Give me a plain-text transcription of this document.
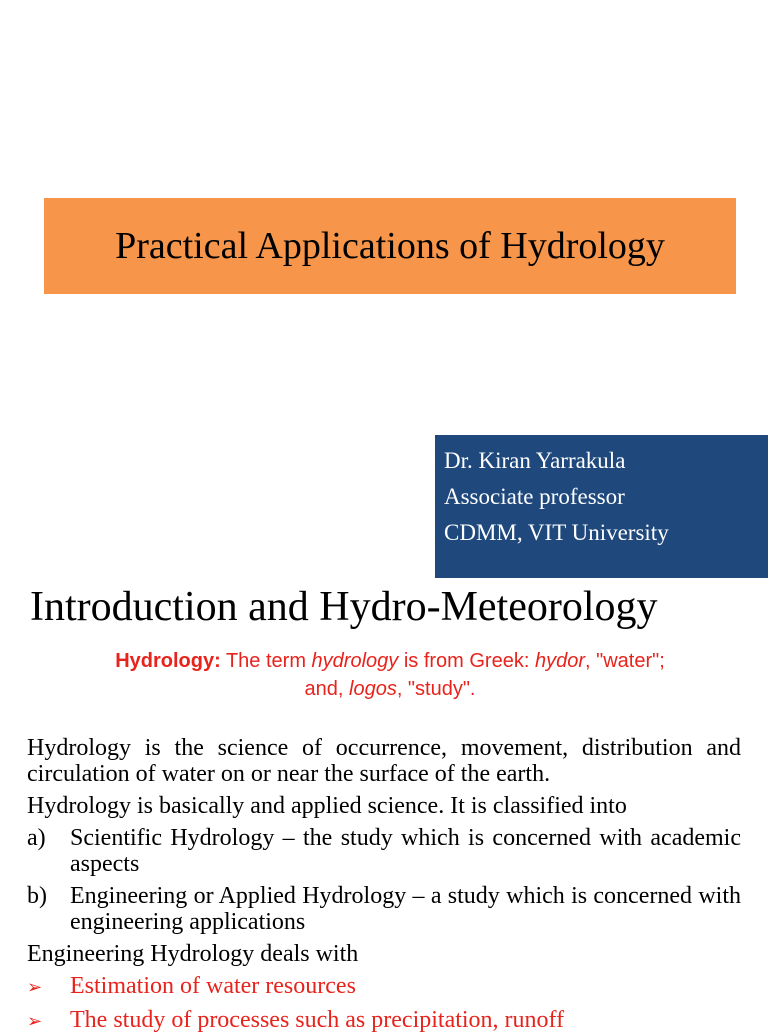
Practical Applications of Hydrology
Dr. Kiran Yarrakula
Associate professor
CDMM, VIT University
Introduction and Hydro-Meteorology
Hydrology: The term hydrology is from Greek: hydor, "water";
and, logos, "study".

Hydrology is the science of occurrence, movement, distribution and circulation of water on or near the surface of the earth.

Hydrology is basically and applied science. It is classified into

a)	Scientific Hydrology – the study which is concerned with academic aspects
b) Engineering or Applied Hydrology – a study which is concerned with engineering applications

Engineering Hydrology deals with

➢	Estimation of water resources
➢	The study of processes such as precipitation, runoff
